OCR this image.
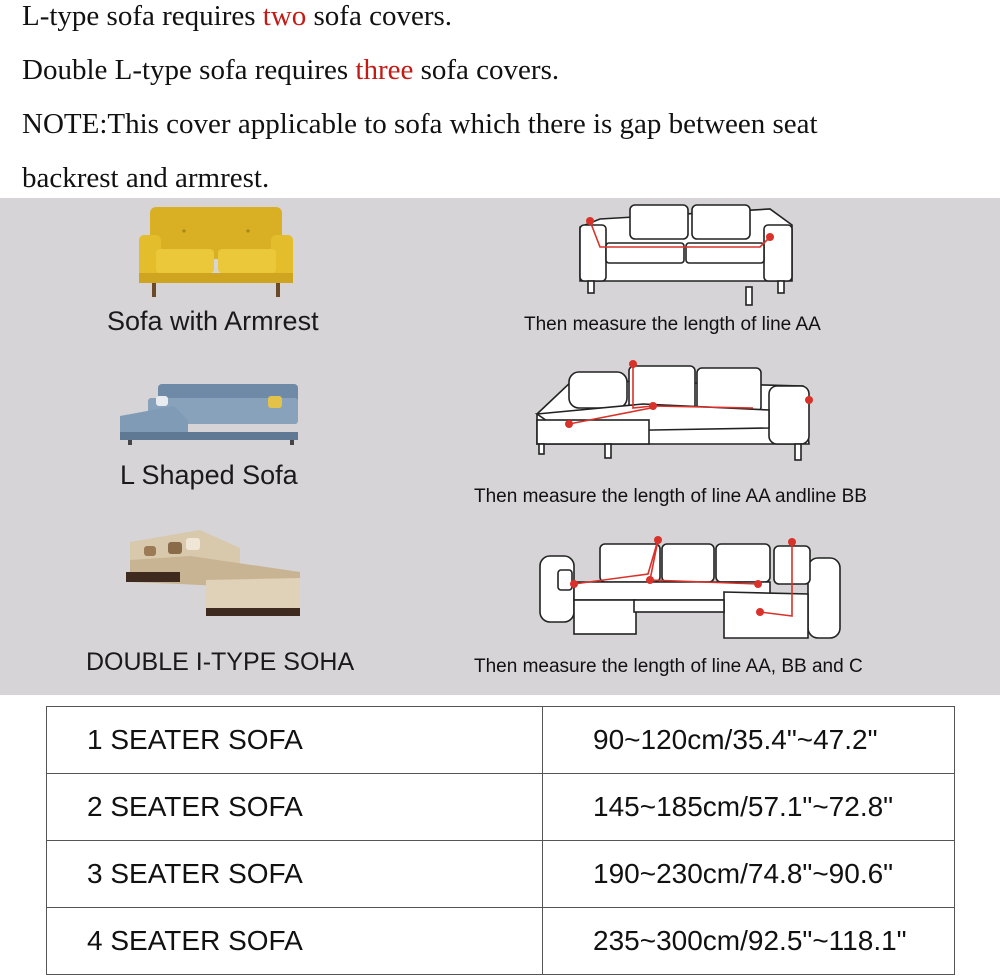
L-type sofa requires two sofa covers.
Double L-type sofa requires three sofa covers.
NOTE:This cover applicable to sofa which there is gap between seat
backrest and armrest.
Sofa with Armrest	Then measure the length of line AA
L Shaped Sofa
Then measure the length of line AA andline BB
DOUBLE I-TYPE SOHA	Then measure the length of line AA, BB and C
1 SEATER SOFA	90~120cm/35.4"~47.2"
2 SEATER SOFA	145~185cm/57.1"~72.8"
3 SEATER SOFA	190~230cm/74.8"~90.6"
4 SEATER SOFA	235~300cm/92.5"~118.1"
